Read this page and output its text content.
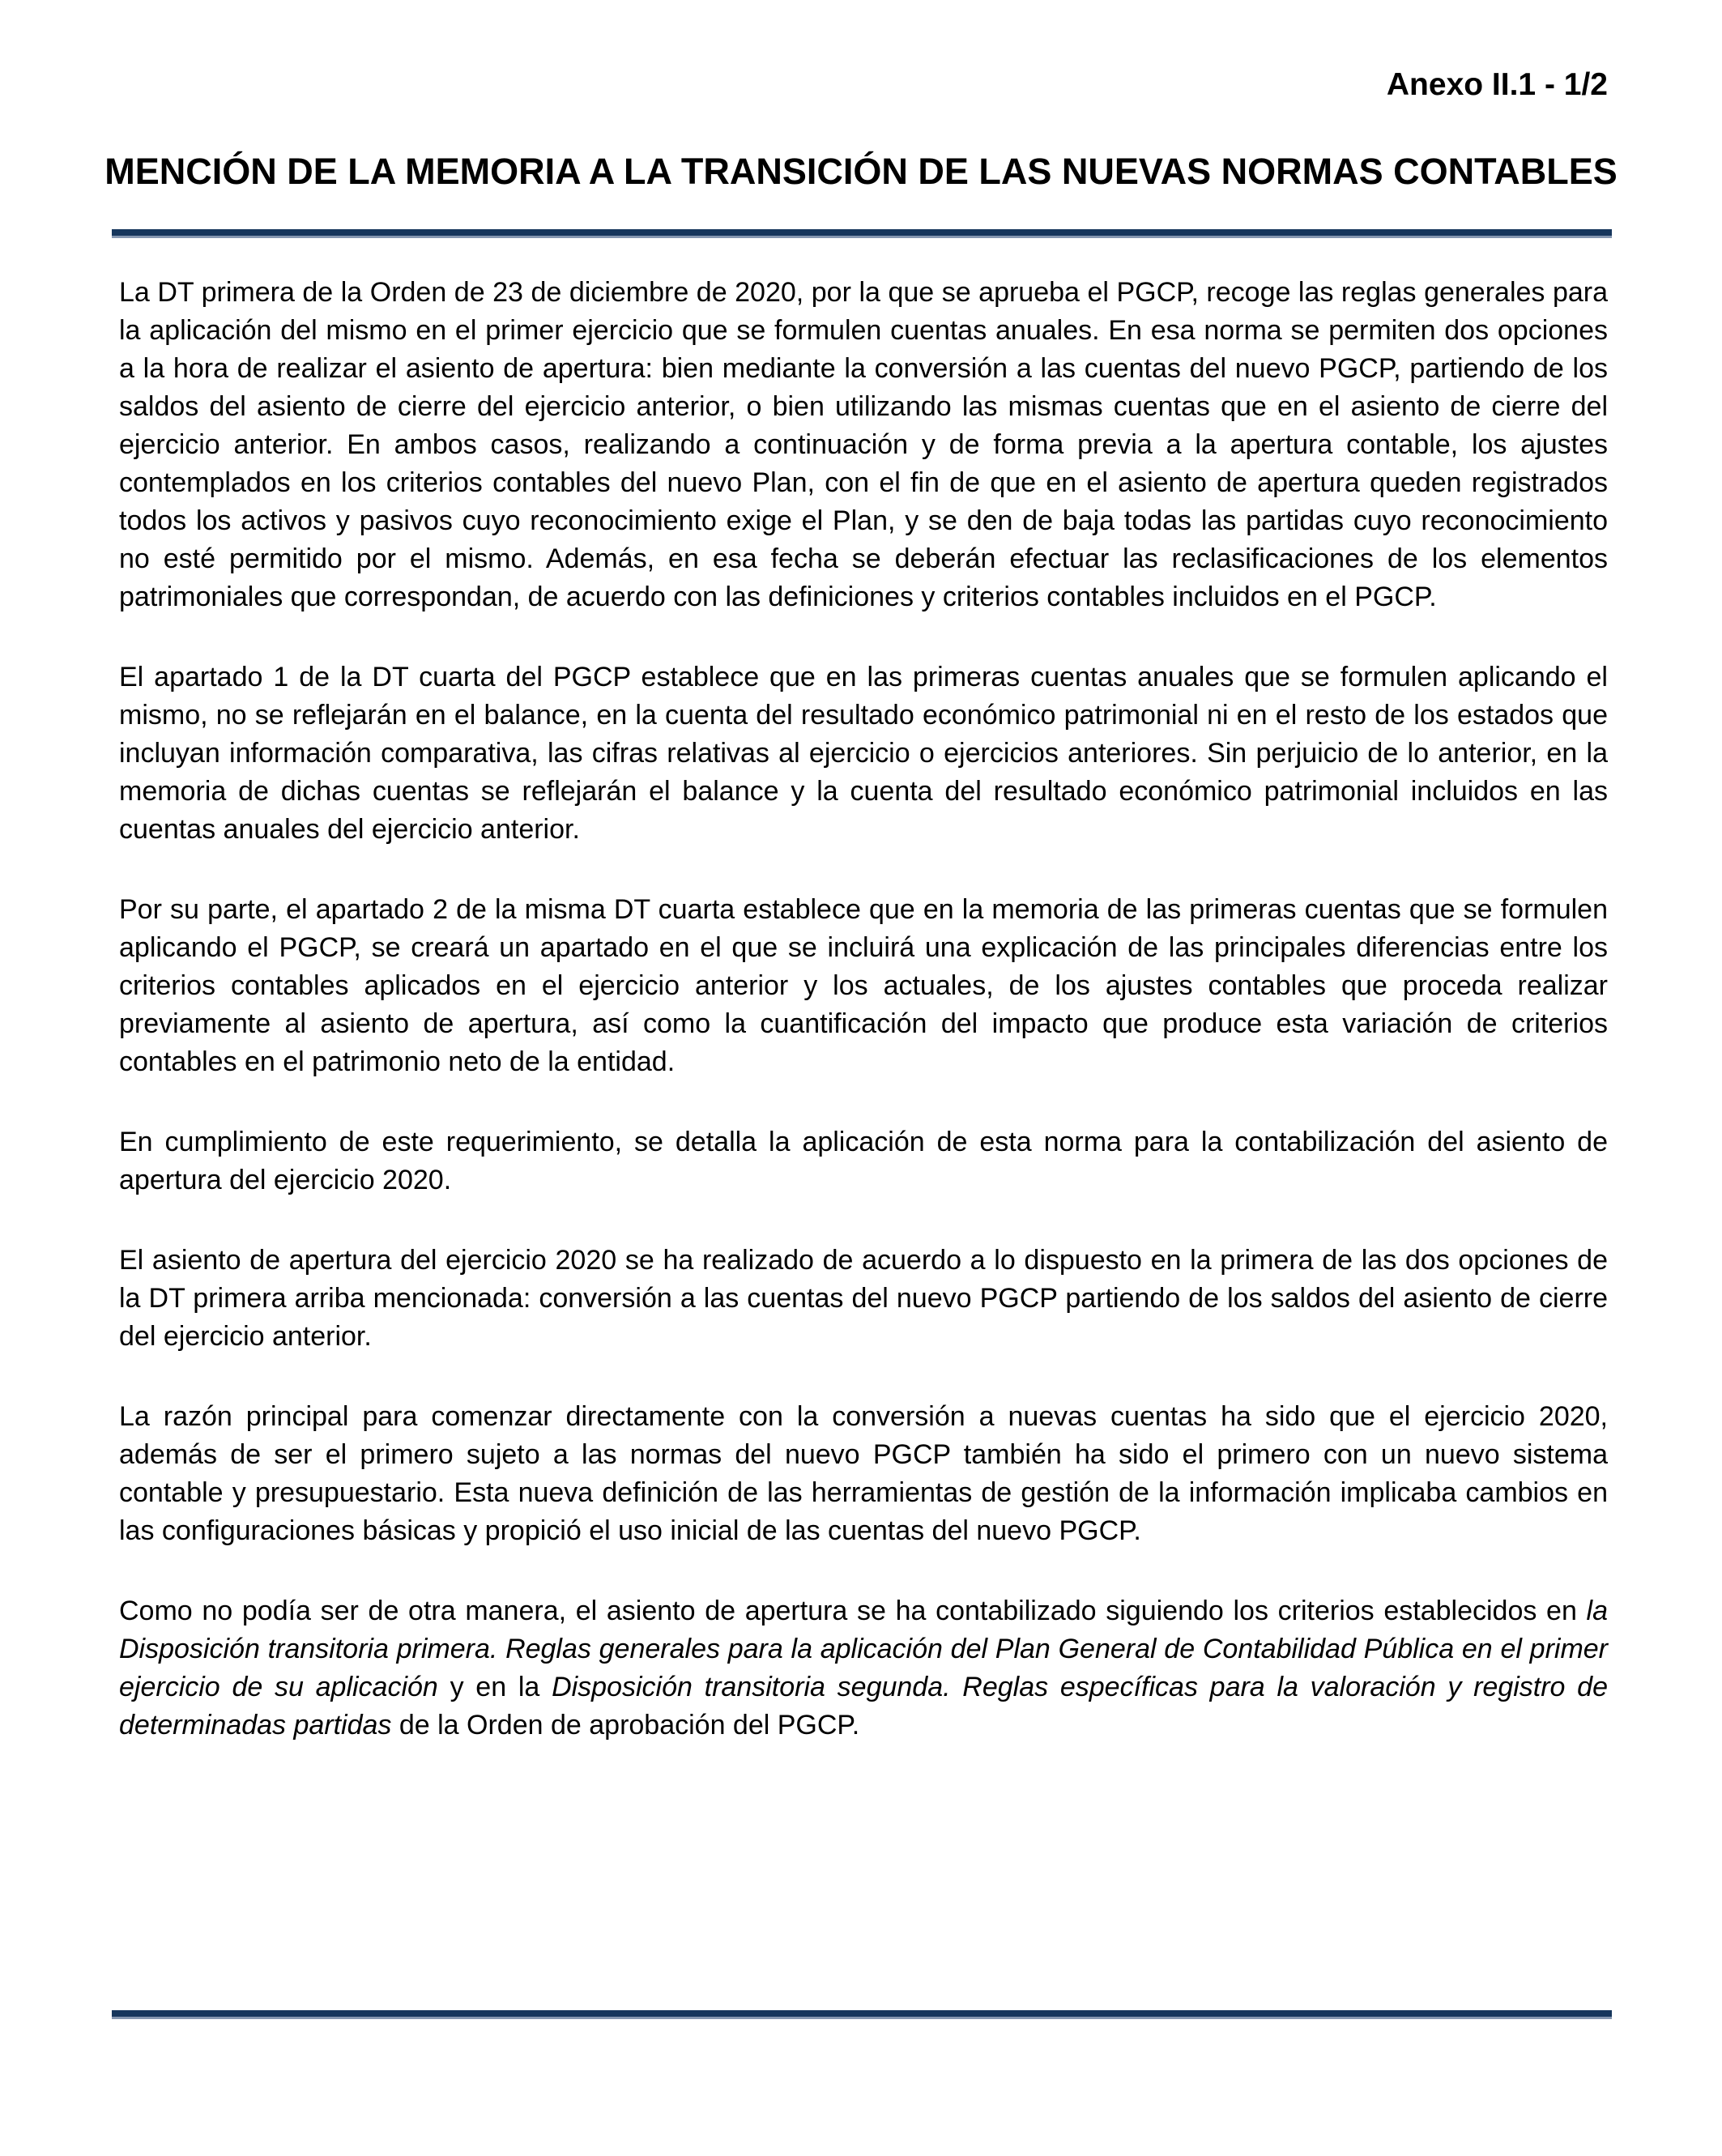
Anexo II.1 - 1/2
MENCIÓN DE LA MEMORIA A LA TRANSICIÓN DE LAS NUEVAS NORMAS CONTABLES

La DT primera de la Orden de 23 de diciembre de 2020, por la que se aprueba el PGCP, recoge las reglas generales para la aplicación del mismo en el primer ejercicio que se formulen cuentas anuales. En esa norma se permiten dos opciones a la hora de realizar el asiento de apertura: bien mediante la conversión a las cuentas del nuevo PGCP, partiendo de los saldos del asiento de cierre del ejercicio anterior, o bien utilizando las mismas cuentas que en el asiento de cierre del ejercicio anterior. En ambos casos, realizando a continuación y de forma previa a la apertura contable, los ajustes contemplados en los criterios contables del nuevo Plan, con el fin de que en el asiento de apertura queden registrados todos los activos y pasivos cuyo reconocimiento exige el Plan, y se den de baja todas las partidas cuyo reconocimiento no esté permitido por el mismo. Además, en esa fecha se deberán efectuar las reclasificaciones de los elementos patrimoniales que correspondan, de acuerdo con las definiciones y criterios contables incluidos en el PGCP.

El apartado 1 de la DT cuarta del PGCP establece que en las primeras cuentas anuales que se formulen aplicando el mismo, no se reflejarán en el balance, en la cuenta del resultado económico patrimonial ni en el resto de los estados que incluyan información comparativa, las cifras relativas al ejercicio o ejercicios anteriores. Sin perjuicio de lo anterior, en la memoria de dichas cuentas se reflejarán el balance y la cuenta del resultado económico patrimonial incluidos en las cuentas anuales del ejercicio anterior.

Por su parte, el apartado 2 de la misma DT cuarta establece que en la memoria de las primeras cuentas que se formulen aplicando el PGCP, se creará un apartado en el que se incluirá una explicación de las principales diferencias entre los criterios contables aplicados en el ejercicio anterior y los actuales, de los ajustes contables que proceda realizar previamente al asiento de apertura, así como la cuantificación del impacto que produce esta variación de criterios contables en el patrimonio neto de la entidad.

En cumplimiento de este requerimiento, se detalla la aplicación de esta norma para la contabilización del asiento de apertura del ejercicio 2020.

El asiento de apertura del ejercicio 2020 se ha realizado de acuerdo a lo dispuesto en la primera de las dos opciones de la DT primera arriba mencionada: conversión a las cuentas del nuevo PGCP partiendo de los saldos del asiento de cierre del ejercicio anterior.

La razón principal para comenzar directamente con la conversión a nuevas cuentas ha sido que el ejercicio 2020, además de ser el primero sujeto a las normas del nuevo PGCP también ha sido el primero con un nuevo sistema contable y presupuestario. Esta nueva definición de las herramientas de gestión de la información implicaba cambios en las configuraciones básicas y propició el uso inicial de las cuentas del nuevo PGCP.

Como no podía ser de otra manera, el asiento de apertura se ha contabilizado siguiendo los criterios establecidos en la Disposición transitoria primera. Reglas generales para la aplicación del Plan General de Contabilidad Pública en el primer ejercicio de su aplicación y en la Disposición transitoria segunda. Reglas específicas para la valoración y registro de determinadas partidas de la Orden de aprobación del PGCP.
